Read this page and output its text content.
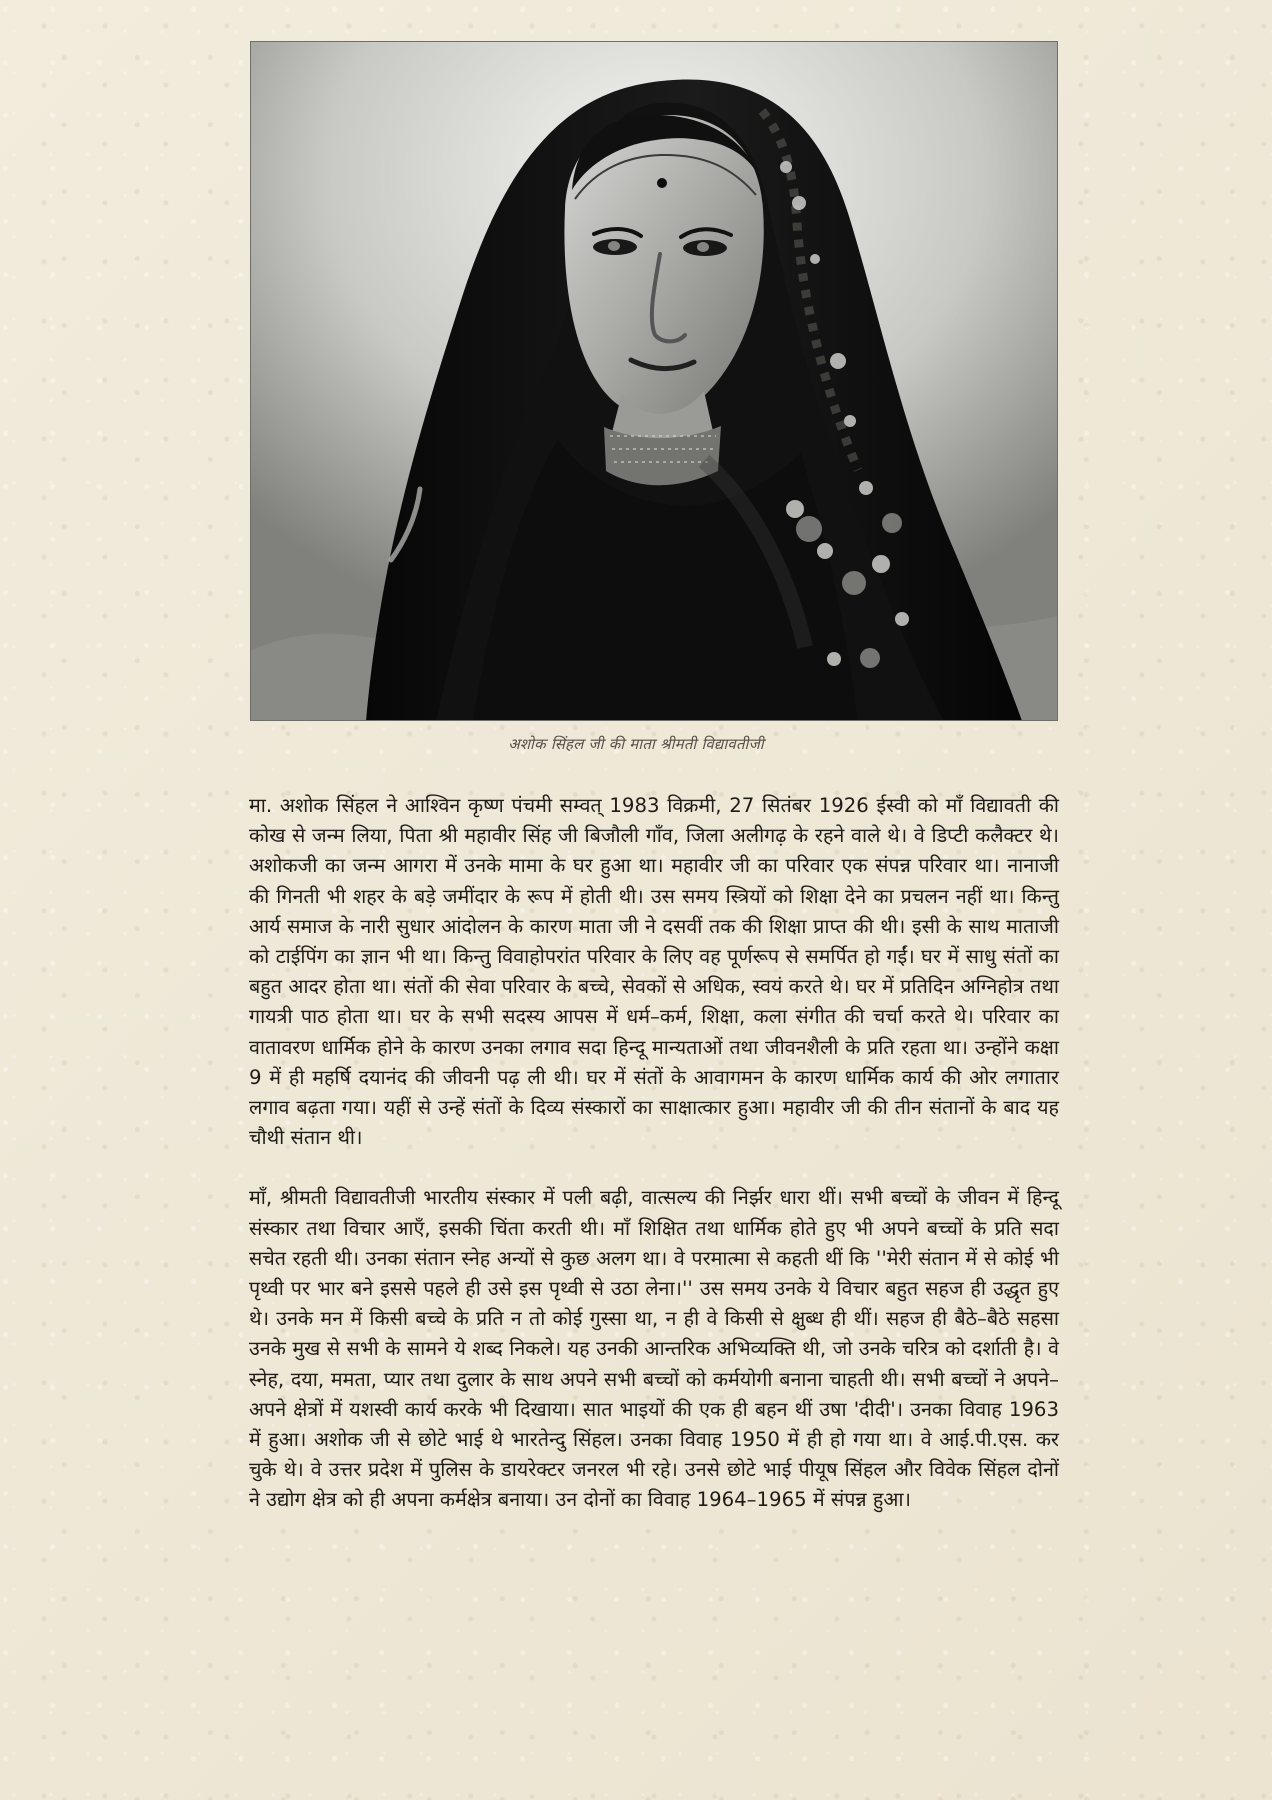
अशोक सिंहल जी की माता श्रीमती विद्यावतीजी

मा. अशोक सिंहल ने आश्विन कृष्ण पंचमी सम्वत् 1983 विक्रमी, 27 सितंबर 1926 ईस्वी को माँ विद्यावती की कोख से जन्म लिया, पिता श्री महावीर सिंह जी बिजौली गाँव, जिला अलीगढ़ के रहने वाले थे। वे डिप्टी कलैक्टर थे। अशोकजी का जन्म आगरा में उनके मामा के घर हुआ था। महावीर जी का परिवार एक संपन्न परिवार था। नानाजी की गिनती भी शहर के बड़े जमींदार के रूप में होती थी। उस समय स्त्रियों को शिक्षा देने का प्रचलन नहीं था। किन्तु आर्य समाज के नारी सुधार आंदोलन के कारण माता जी ने दसवीं तक की शिक्षा प्राप्त की थी। इसी के साथ माताजी को टाईपिंग का ज्ञान भी था। किन्तु विवाहोपरांत परिवार के लिए वह पूर्णरूप से समर्पित हो गईं। घर में साधु संतों का बहुत आदर होता था। संतों की सेवा परिवार के बच्चे, सेवकों से अधिक, स्वयं करते थे। घर में प्रतिदिन अग्निहोत्र तथा गायत्री पाठ होता था। घर के सभी सदस्य आपस में धर्म–कर्म, शिक्षा, कला संगीत की चर्चा करते थे। परिवार का वातावरण धार्मिक होने के कारण उनका लगाव सदा हिन्दू मान्यताओं तथा जीवनशैली के प्रति रहता था। उन्होंने कक्षा 9 में ही महर्षि दयानंद की जीवनी पढ़ ली थी। घर में संतों के आवागमन के कारण धार्मिक कार्य की ओर लगातार लगाव बढ़ता गया। यहीं से उन्हें संतों के दिव्य संस्कारों का साक्षात्कार हुआ। महावीर जी की तीन संतानों के बाद यह चौथी संतान थी।

माँ, श्रीमती विद्यावतीजी भारतीय संस्कार में पली बढ़ी, वात्सल्य की निर्झर धारा थीं। सभी बच्चों के जीवन में हिन्दू संस्कार तथा विचार आएँ, इसकी चिंता करती थी। माँ शिक्षित तथा धार्मिक होते हुए भी अपने बच्चों के प्रति सदा सचेत रहती थी। उनका संतान स्नेह अन्यों से कुछ अलग था। वे परमात्मा से कहती थीं कि ''मेरी संतान में से कोई भी पृथ्वी पर भार बने इससे पहले ही उसे इस पृथ्वी से उठा लेना।'' उस समय उनके ये विचार बहुत सहज ही उद्धृत हुए थे। उनके मन में किसी बच्चे के प्रति न तो कोई गुस्सा था, न ही वे किसी से क्षुब्ध ही थीं। सहज ही बैठे–बैठे सहसा उनके मुख से सभी के सामने ये शब्द निकले। यह उनकी आन्तरिक अभिव्यक्ति थी, जो उनके चरित्र को दर्शाती है। वे स्नेह, दया, ममता, प्यार तथा दुलार के साथ अपने सभी बच्चों को कर्मयोगी बनाना चाहती थी। सभी बच्चों ने अपने–अपने क्षेत्रों में यशस्वी कार्य करके भी दिखाया। सात भाइयों की एक ही बहन थीं उषा 'दीदी'। उनका विवाह 1963 में हुआ। अशोक जी से छोटे भाई थे भारतेन्दु सिंहल। उनका विवाह 1950 में ही हो गया था। वे आई.पी.एस. कर चुके थे। वे उत्तर प्रदेश में पुलिस के डायरेक्टर जनरल भी रहे। उनसे छोटे भाई पीयूष सिंहल और विवेक सिंहल दोनों ने उद्योग क्षेत्र को ही अपना कर्मक्षेत्र बनाया। उन दोनों का विवाह 1964–1965 में संपन्न हुआ।
